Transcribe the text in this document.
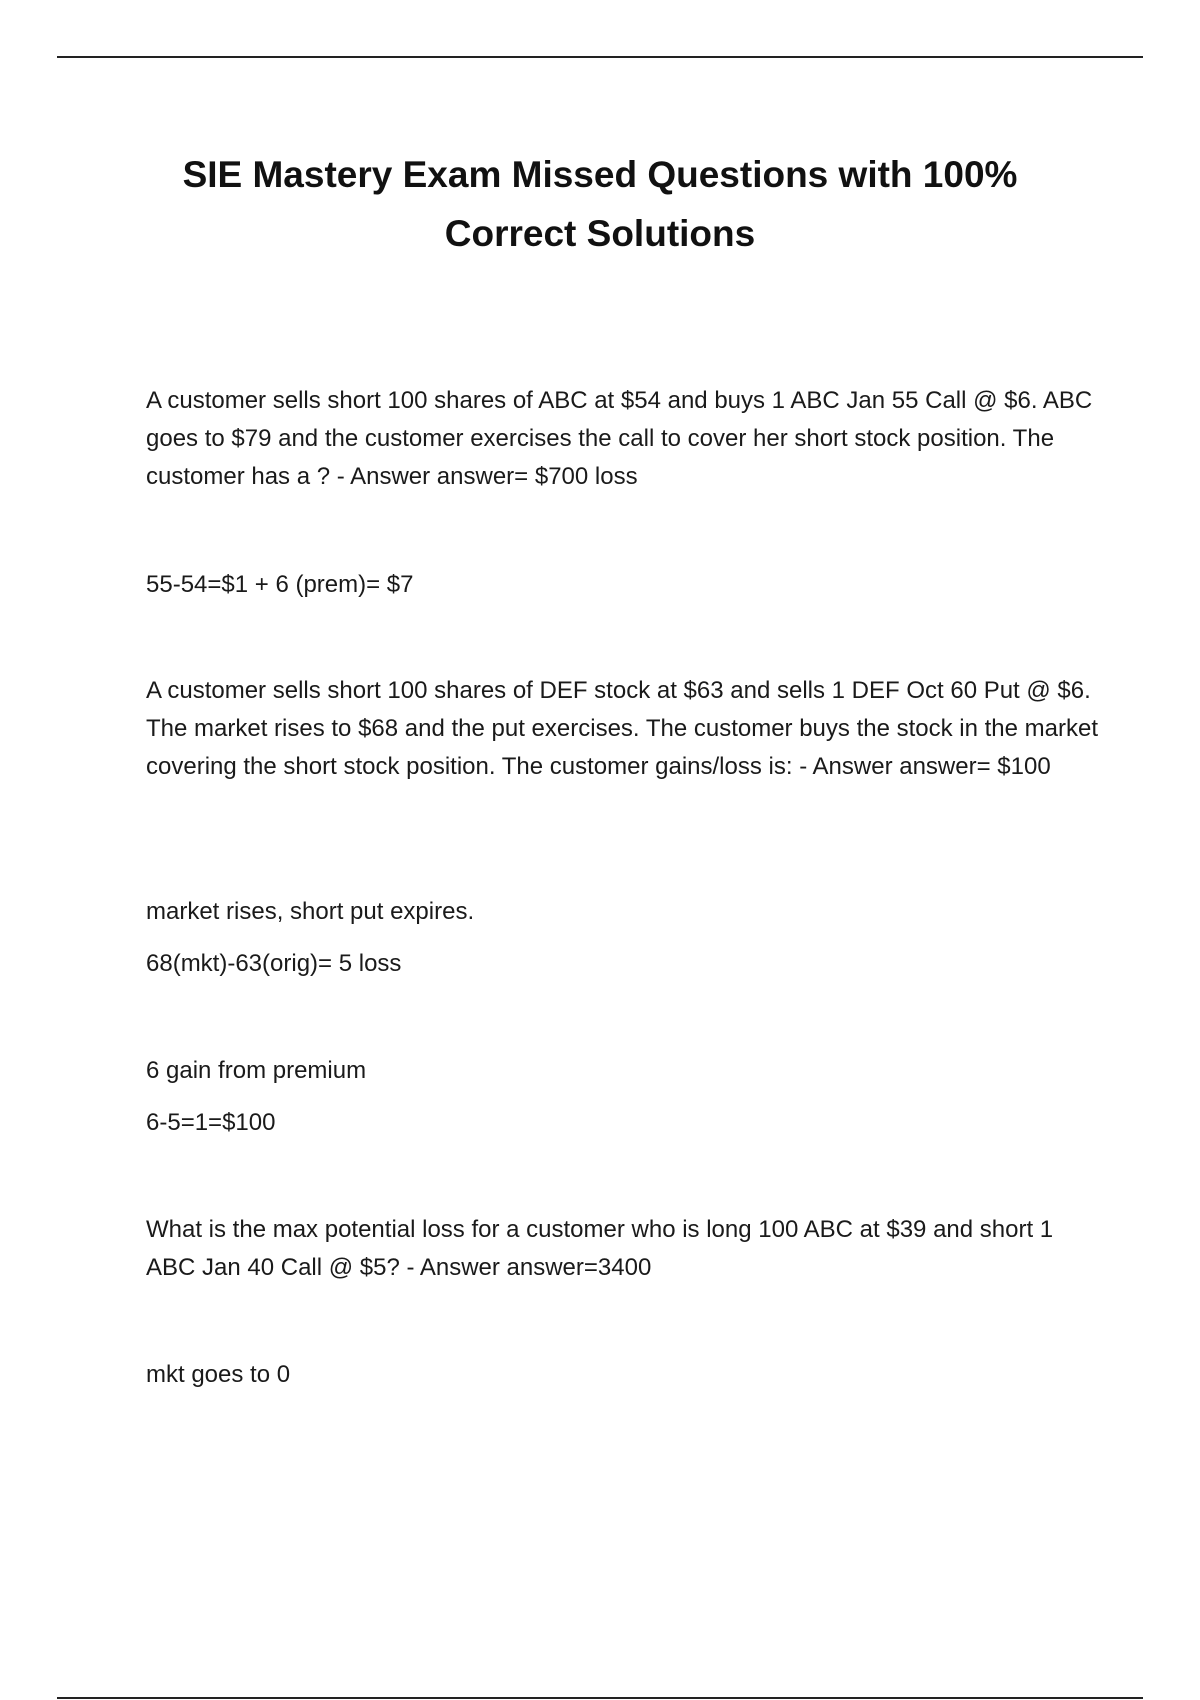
SIE Mastery Exam Missed Questions with 100%
Correct Solutions

A customer sells short 100 shares of ABC at $54 and buys 1 ABC Jan 55 Call @ $6. ABC goes to $79 and the customer exercises the call to cover her short stock position. The customer has a ? - Answer answer= $700 loss

55-54=$1 + 6 (prem)= $7

A customer sells short 100 shares of DEF stock at $63 and sells 1 DEF Oct 60 Put @ $6. The market rises to $68 and the put exercises. The customer buys the stock in the market covering the short stock position. The customer gains/loss is: - Answer answer= $100

market rises, short put expires.

68(mkt)-63(orig)= 5 loss

6 gain from premium

6-5=1=$100

What is the max potential loss for a customer who is long 100 ABC at $39 and short 1 ABC Jan 40 Call @ $5? - Answer answer=3400

mkt goes to 0
